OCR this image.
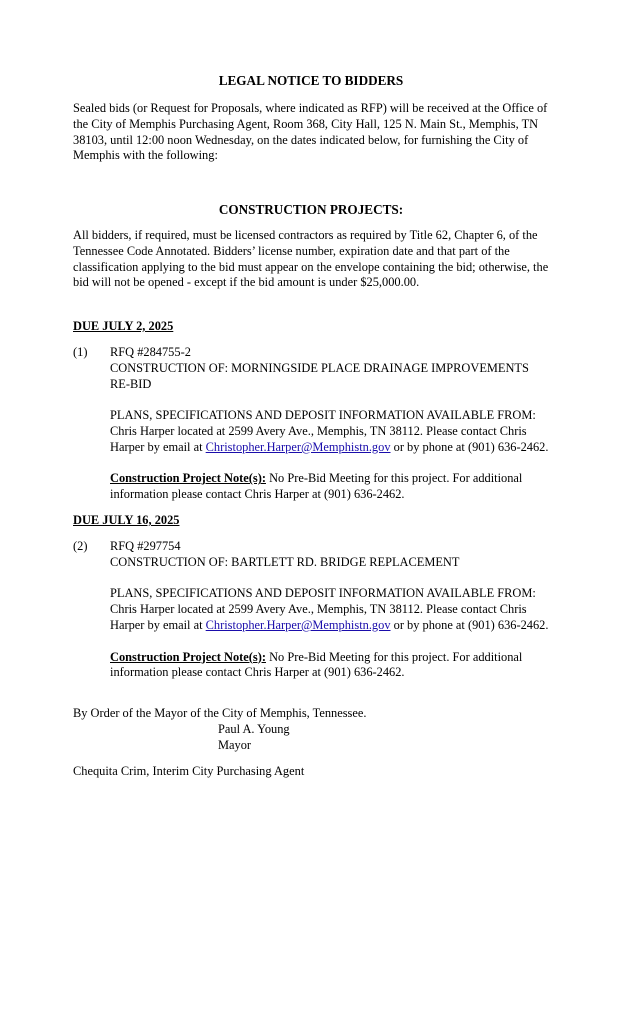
LEGAL NOTICE TO BIDDERS
Sealed bids (or Request for Proposals, where indicated as RFP) will be received at the Office of the City of Memphis Purchasing Agent, Room 368, City Hall, 125 N. Main St., Memphis, TN 38103, until 12:00 noon Wednesday, on the dates indicated below, for furnishing the City of Memphis with the following:
CONSTRUCTION PROJECTS:
All bidders, if required, must be licensed contractors as required by Title 62, Chapter 6, of the Tennessee Code Annotated. Bidders’ license number, expiration date and that part of the classification applying to the bid must appear on the envelope containing the bid; otherwise, the bid will not be opened - except if the bid amount is under $25,000.00.
DUE JULY 2, 2025
(1) RFQ #284755-2

CONSTRUCTION OF: MORNINGSIDE PLACE DRAINAGE IMPROVEMENTS RE-BID

PLANS, SPECIFICATIONS AND DEPOSIT INFORMATION AVAILABLE FROM: Chris Harper located at 2599 Avery Ave., Memphis, TN 38112. Please contact Chris Harper by email at Christopher.Harper@Memphistn.gov or by phone at (901) 636-2462.

Construction Project Note(s): No Pre-Bid Meeting for this project. For additional information please contact Chris Harper at (901) 636-2462.

DUE JULY 16, 2025
(2) RFQ #297754

CONSTRUCTION OF: BARTLETT RD. BRIDGE REPLACEMENT

PLANS, SPECIFICATIONS AND DEPOSIT INFORMATION AVAILABLE FROM: Chris Harper located at 2599 Avery Ave., Memphis, TN 38112. Please contact Chris Harper by email at Christopher.Harper@Memphistn.gov or by phone at (901) 636-2462.

Construction Project Note(s): No Pre-Bid Meeting for this project. For additional information please contact Chris Harper at (901) 636-2462.

By Order of the Mayor of the City of Memphis, Tennessee.
Paul A. Young
Mayor
Chequita Crim, Interim City Purchasing Agent
